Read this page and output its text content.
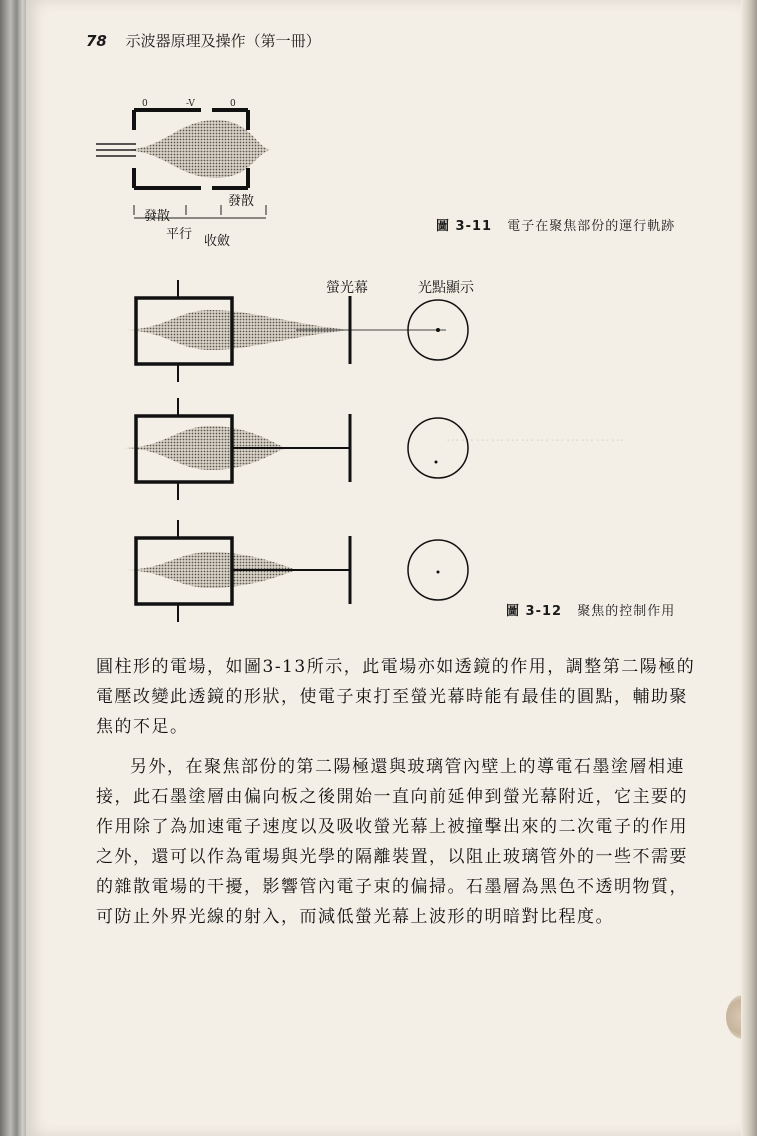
………………………………
78 示波器原理及操作（第一冊）
0	-V	0
發散
發散
平行 收斂
圖 3-11 電子在聚焦部份的運行軌跡
螢光幕	光點顯示
圖 3-12 聚焦的控制作用
圓柱形的電場，如圖3-13所示，此電場亦如透鏡的作用，調整第二陽極的電壓改變此透鏡的形狀，使電子束打至螢光幕時能有最佳的圓點，輔助聚焦的不足。
另外，在聚焦部份的第二陽極還與玻璃管內壁上的導電石墨塗層相連接，此石墨塗層由偏向板之後開始一直向前延伸到螢光幕附近，它主要的作用除了為加速電子速度以及吸收螢光幕上被撞擊出來的二次電子的作用之外，還可以作為電場與光學的隔離裝置，以阻止玻璃管外的一些不需要的雜散電場的干擾，影響管內電子束的偏掃。石墨層為黑色不透明物質，可防止外界光線的射入，而減低螢光幕上波形的明暗對比程度。
